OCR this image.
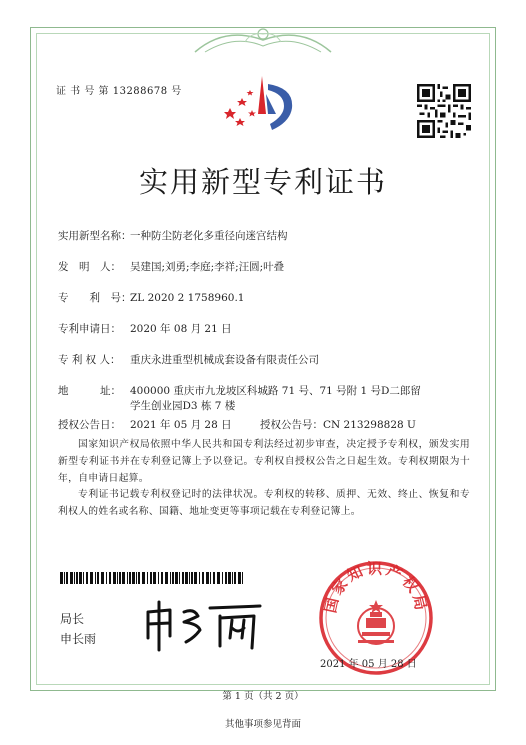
证 书 号 第 13288678 号
实用新型专利证书
实用新型名称：一种防尘防老化多重径向迷宫结构
发　明　人： 吴建国;刘勇;李庭;李祥;汪圆;叶叠
专　　利　号：ZL 2020 2 1758960.1
专利申请日： 2020 年 08 月 21 日
专 利 权 人： 重庆永进重型机械成套设备有限责任公司
地　　　址： 400000 重庆市九龙坡区科城路 71 号、71 号附 1 号D二郎留
学生创业园D3 栋 7 楼
授权公告日： 2021 年 05 月 28 日	授权公告号：CN 213298828 U
国家知识产权局依照中华人民共和国专利法经过初步审查，决定授予专利权，颁发实用新型专利证书并在专利登记簿上予以登记。专利权自授权公告之日起生效。专利权期限为十年，自申请日起算。
专利证书记载专利权登记时的法律状况。专利权的转移、质押、无效、终止、恢复和专利权人的姓名或名称、国籍、地址变更等事项记载在专利登记簿上。
局长
申长雨
国家知识产权局
2021 年 05 月 28 日
第 1 页（共 2 页）
其他事项参见背面
